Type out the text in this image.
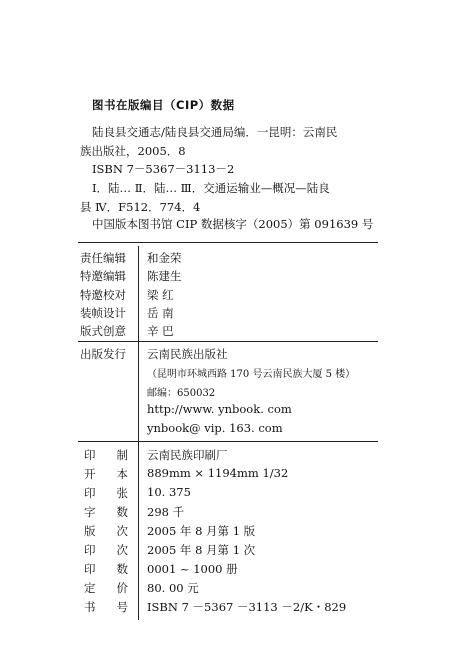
图书在版编目（CIP）数据
陆良县交通志/陆良县交通局编．一昆明：云南民
族出版社，2005．8
ISBN 7－5367－3113－2
Ⅰ．陆… Ⅱ．陆… Ⅲ．交通运输业—概况—陆良
县 Ⅳ．F512．774．4
中国版本图书馆 CIP 数据核字（2005）第 091639 号
责任编辑 和金荣
特邀编辑 陈建生
特邀校对 梁 红
装帧设计 岳 南
版式创意 辛 巴
出版发行 云南民族出版社
（昆明市环城西路 170 号云南民族大厦 5 楼）
邮编：650032
http://www. ynbook. com
ynbook@ vip. 163. com
印 制 云南民族印刷厂
开 本 889mm × 1194mm 1/32
印 张 10. 375
字 数 298 千
版 次 2005 年 8 月第 1 版
印 次 2005 年 8 月第 1 次
印 数 0001 ~ 1000 册
定 价 80. 00 元
书 号 ISBN 7 －5367 －3113 －2/K・829
